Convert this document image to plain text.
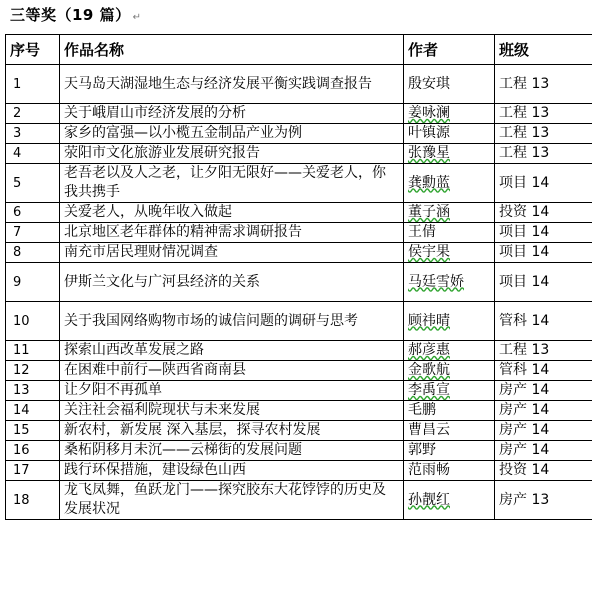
三等奖（19 篇） ↵
序号	作品名称	作者	班级
1	天马岛天湖湿地生态与经济发展平衡实践调查报告	殷安琪	工程 13
2	关于峨眉山市经济发展的分析	姜咏澜	工程 13
3	家乡的富强—以小榄五金制品产业为例	叶镇源	工程 13
4	荥阳市文化旅游业发展研究报告	张豫星	工程 13
5	老吾老以及人之老，让夕阳无限好——关爱老人，你我共携手	龚勳蓝	项目 14
6	关爱老人，从晚年收入做起	董子涵	投资 14
7	北京地区老年群体的精神需求调研报告	王倩	项目 14
8	南充市居民理财情况调查	侯宇果	项目 14
9	伊斯兰文化与广河县经济的关系	马廷雪娇	项目 14
10	关于我国网络购物市场的诚信问题的调研与思考	顾祎晴	管科 14
11	探索山西改革发展之路	郝彦惠	工程 13
12	在困难中前行—陕西省商南县	金歌航	管科 14
13	让夕阳不再孤单	李禹宣	房产 14
14	关注社会福利院现状与未来发展	毛鹏	房产 14
15	新农村，新发展 深入基层，探寻农村发展	曹昌云	房产 14
16	桑柘阴移月未沉——云梯街的发展问题	郭野	房产 14
17	践行环保措施，建设绿色山西	范雨畅	投资 14
18	龙飞凤舞，鱼跃龙门——探究胶东大花饽饽的历史及发展状况	孙靓红	房产 13
